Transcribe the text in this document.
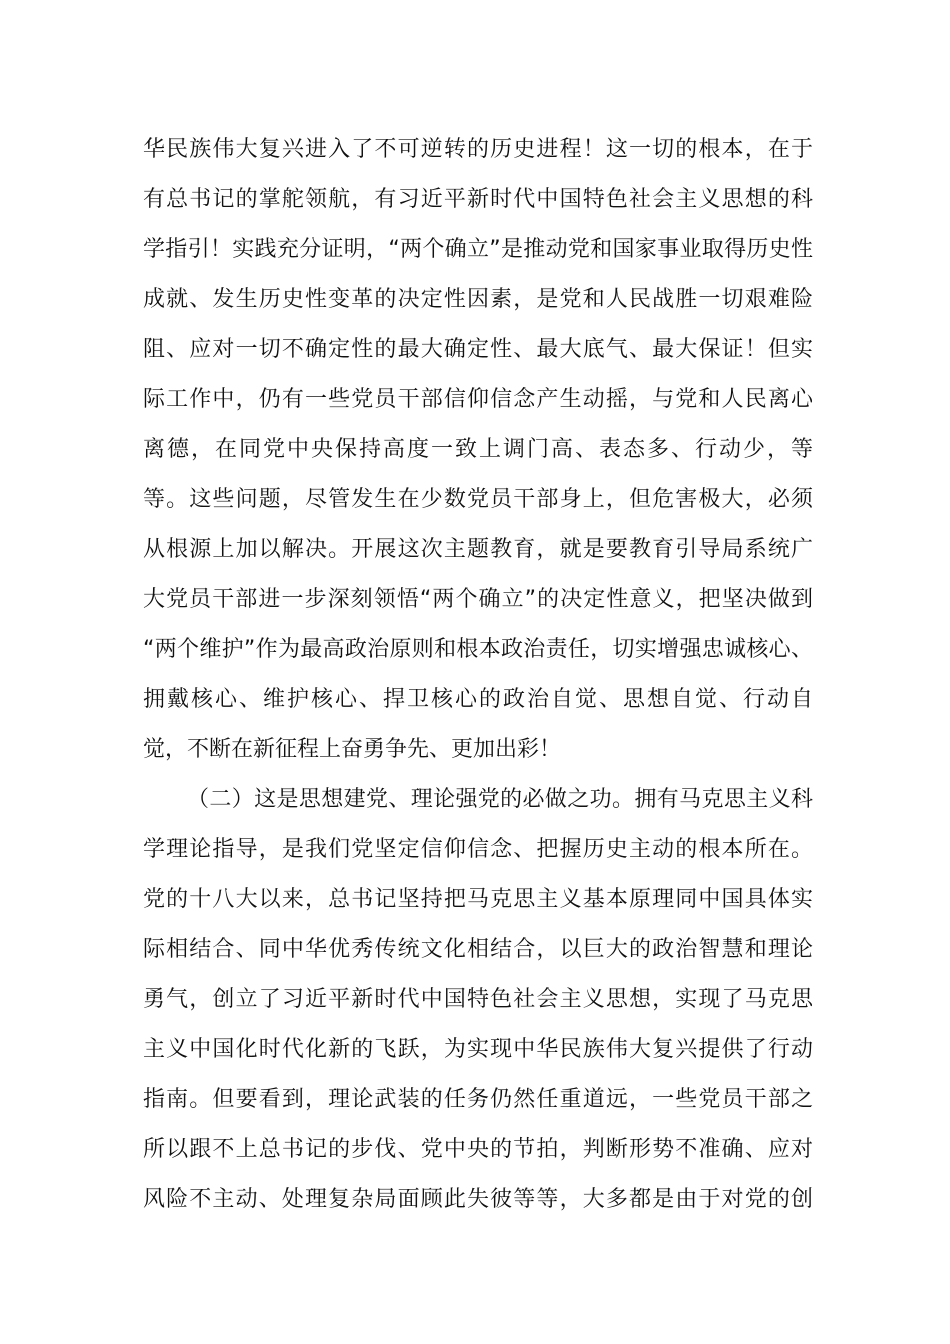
华民族伟大复兴进入了不可逆转的历史进程！这一切的根本，在于
有总书记的掌舵领航，有习近平新时代中国特色社会主义思想的科
学指引！实践充分证明，“两个确立”是推动党和国家事业取得历史性
成就、发生历史性变革的决定性因素，是党和人民战胜一切艰难险
阻、应对一切不确定性的最大确定性、最大底气、最大保证！但实
际工作中，仍有一些党员干部信仰信念产生动摇，与党和人民离心
离德，在同党中央保持高度一致上调门高、表态多、行动少，等
等。这些问题，尽管发生在少数党员干部身上，但危害极大，必须
从根源上加以解决。开展这次主题教育，就是要教育引导局系统广
大党员干部进一步深刻领悟“两个确立”的决定性意义，把坚决做到
“两个维护”作为最高政治原则和根本政治责任，切实增强忠诚核心、
拥戴核心、维护核心、捍卫核心的政治自觉、思想自觉、行动自
觉，不断在新征程上奋勇争先、更加出彩！
（二）这是思想建党、理论强党的必做之功。拥有马克思主义科
学理论指导，是我们党坚定信仰信念、把握历史主动的根本所在。
党的十八大以来，总书记坚持把马克思主义基本原理同中国具体实
际相结合、同中华优秀传统文化相结合，以巨大的政治智慧和理论
勇气，创立了习近平新时代中国特色社会主义思想，实现了马克思
主义中国化时代化新的飞跃，为实现中华民族伟大复兴提供了行动
指南。但要看到，理论武装的任务仍然任重道远，一些党员干部之
所以跟不上总书记的步伐、党中央的节拍，判断形势不准确、应对
风险不主动、处理复杂局面顾此失彼等等，大多都是由于对党的创
